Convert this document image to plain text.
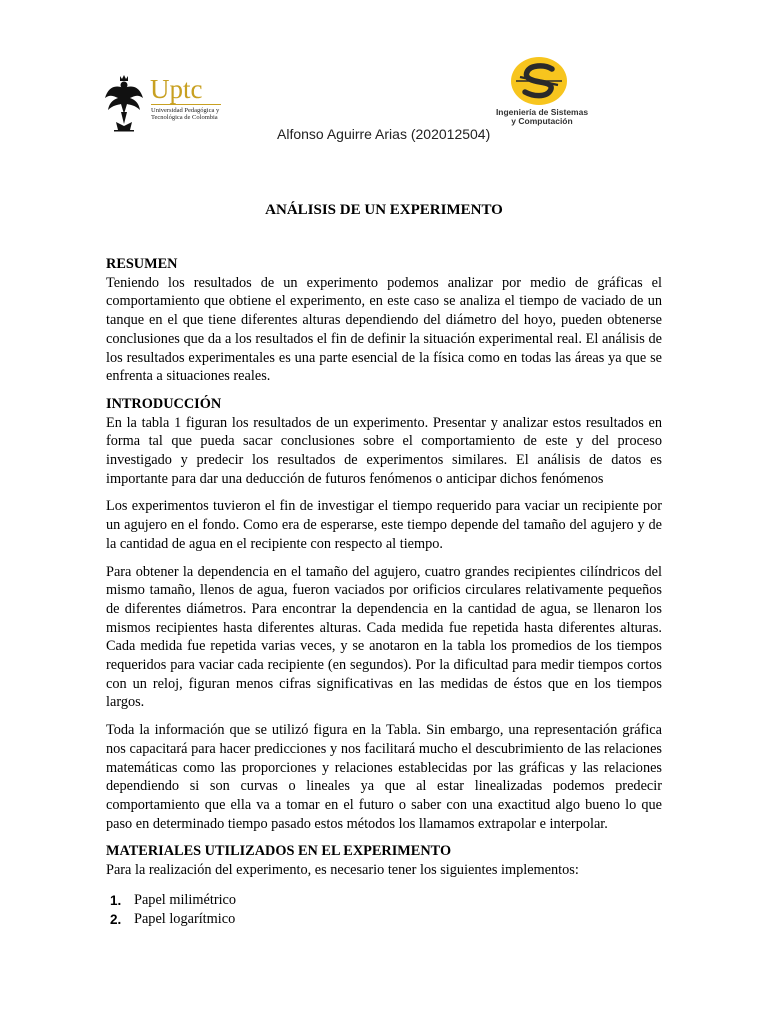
Uptc
Universidad Pedagógica y Tecnológica de Colombia
Ingeniería de Sistemas
y Computación
Alfonso Aguirre Arias (202012504)
ANÁLISIS DE UN EXPERIMENTO
RESUMEN

Teniendo los resultados de un experimento podemos analizar por medio de gráficas el comportamiento que obtiene el experimento, en este caso se analiza el tiempo de vaciado de un tanque en el que tiene diferentes alturas dependiendo del diámetro del hoyo, pueden obtenerse conclusiones que da a los resultados el fin de definir la situación experimental real. El análisis de los resultados experimentales es una parte esencial de la física como en todas las áreas ya que se enfrenta a situaciones reales.

INTRODUCCIÓN

En la tabla 1 figuran los resultados de un experimento. Presentar y analizar estos resultados en forma tal que pueda sacar conclusiones sobre el comportamiento de este y del proceso investigado y predecir los resultados de experimentos similares. El análisis de datos es importante para dar una deducción de futuros fenómenos o anticipar dichos fenómenos

Los experimentos tuvieron el fin de investigar el tiempo requerido para vaciar un recipiente por un agujero en el fondo. Como era de esperarse, este tiempo depende del tamaño del agujero y de la cantidad de agua en el recipiente con respecto al tiempo.

Para obtener la dependencia en el tamaño del agujero, cuatro grandes recipientes cilíndricos del mismo tamaño, llenos de agua, fueron vaciados por orificios circulares relativamente pequeños de diferentes diámetros. Para encontrar la dependencia en la cantidad de agua, se llenaron los mismos recipientes hasta diferentes alturas. Cada medida fue repetida hasta diferentes alturas. Cada medida fue repetida varias veces, y se anotaron en la tabla los promedios de los tiempos requeridos para vaciar cada recipiente (en segundos). Por la dificultad para medir tiempos cortos con un reloj, figuran menos cifras significativas en las medidas de éstos que en los tiempos largos.

Toda la información que se utilizó figura en la Tabla. Sin embargo, una representación gráfica nos capacitará para hacer predicciones y nos facilitará mucho el descubrimiento de las relaciones matemáticas como las proporciones y relaciones establecidas por las gráficas y las relaciones dependiendo si son curvas o lineales ya que al estar linealizadas podemos predecir comportamiento que ella va a tomar en el futuro o saber con una exactitud algo bueno lo que paso en determinado tiempo pasado estos métodos los llamamos extrapolar e interpolar.

MATERIALES UTILIZADOS EN EL EXPERIMENTO

Para la realización del experimento, es necesario tener los siguientes implementos:

1. Papel milimétrico
2. Papel logarítmico
